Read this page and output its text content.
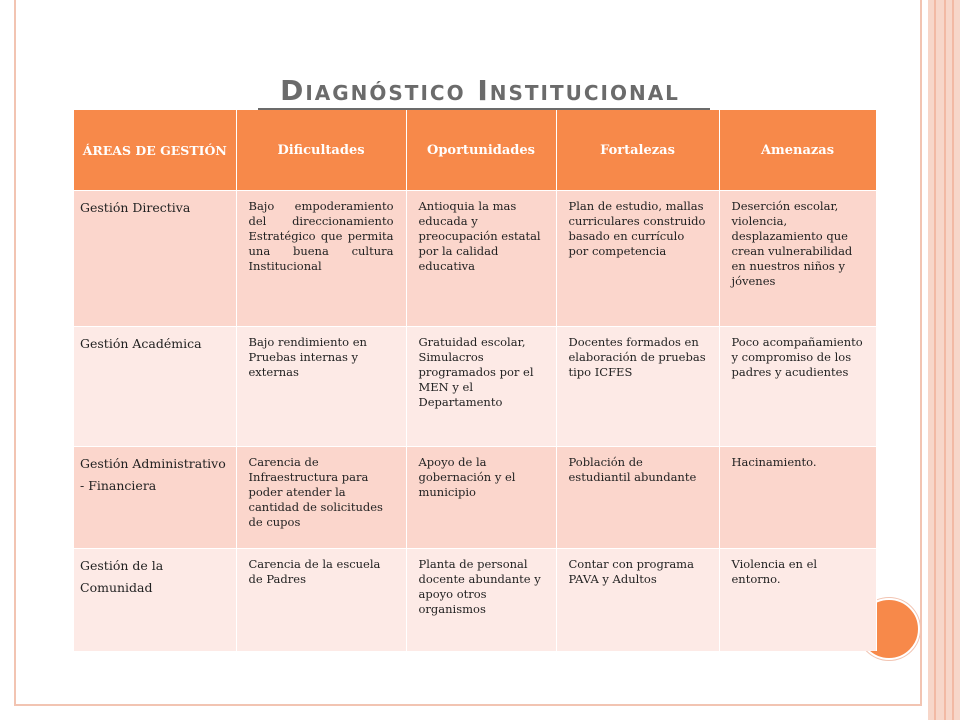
Diagnóstico Institucional
ÁREAS DE GESTIÓN	Dificultades	Oportunidades	Fortalezas	Amenazas
Gestión Directiva	Bajo empoderamiento del direccionamiento Estratégico que permita una buena cultura Institucional	Antioquia la mas educada y preocupación estatal por la calidad educativa	Plan de estudio, mallas curriculares construido basado en currículo por competencia	Deserción escolar, violencia, desplazamiento que crean vulnerabilidad en nuestros niños y jóvenes
Gestión Académica	Bajo rendimiento en Pruebas internas y externas	Gratuidad escolar, Simulacros programados por el MEN y el Departamento	Docentes formados en elaboración de pruebas tipo ICFES	Poco acompañamiento y compromiso de los padres y acudientes
Gestión Administrativo - Financiera	Carencia de Infraestructura para poder atender la cantidad de solicitudes de cupos	Apoyo de la gobernación y el municipio	Población de estudiantil abundante	Hacinamiento.
Gestión de la Comunidad	Carencia de la escuela de Padres	Planta de personal docente abundante y apoyo otros organismos	Contar con programa PAVA y Adultos	Violencia en el entorno.
